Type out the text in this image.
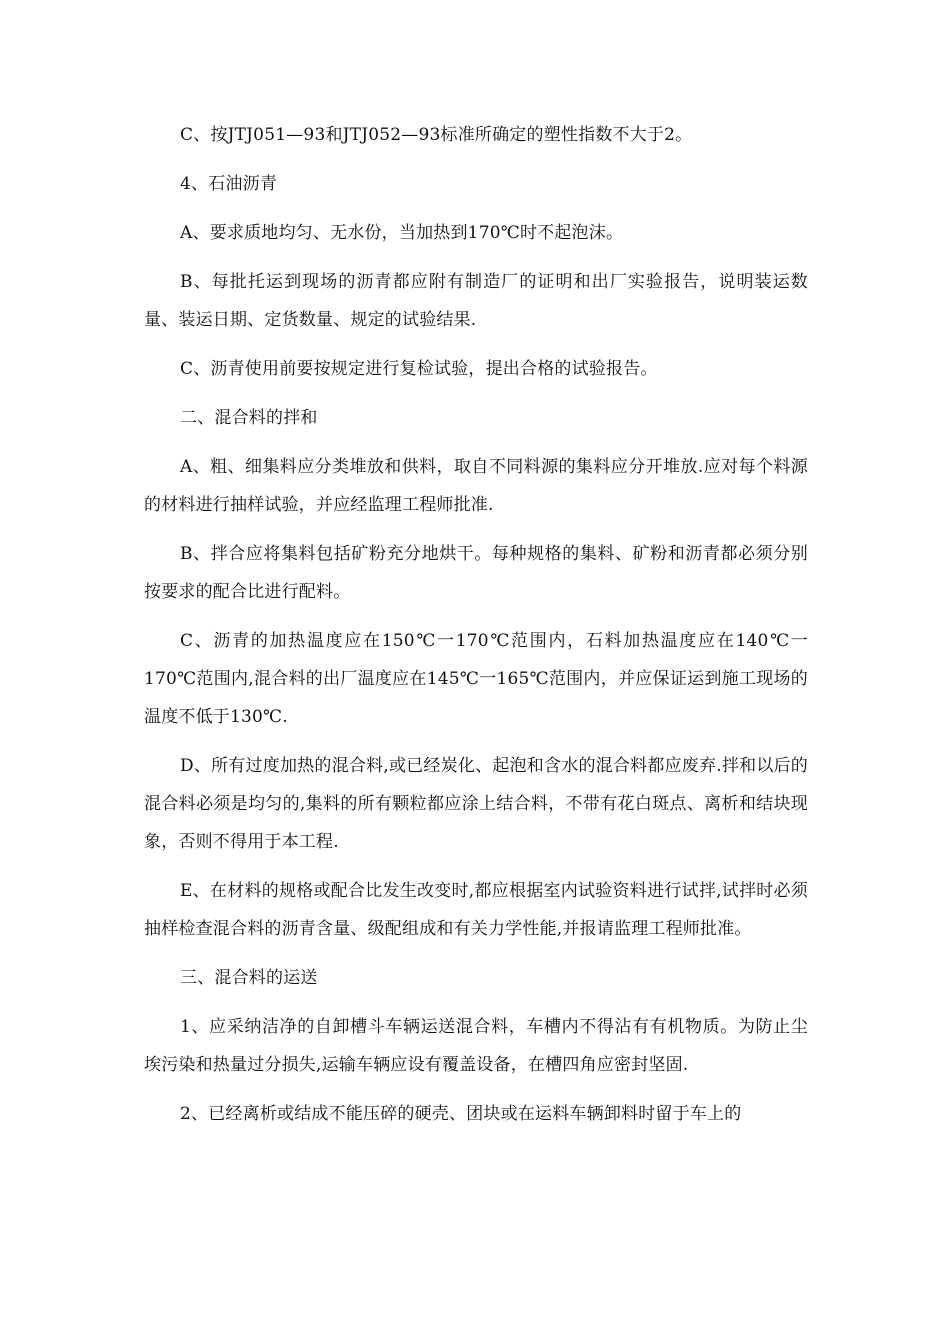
C、按JTJ051—93和JTJ052—93标准所确定的塑性指数不大于2。

4、石油沥青

A、要求质地均匀、无水份，当加热到170℃时不起泡沫。

B、每批托运到现场的沥青都应附有制造厂的证明和出厂实验报告，说明装运数量、装运日期、定货数量、规定的试验结果.

C、沥青使用前要按规定进行复检试验，提出合格的试验报告。

二、混合料的拌和

A、粗、细集料应分类堆放和供料，取自不同料源的集料应分开堆放.应对每个料源的材料进行抽样试验，并应经监理工程师批准.

B、拌合应将集料包括矿粉充分地烘干。每种规格的集料、矿粉和沥青都必须分别按要求的配合比进行配料。

C、沥青的加热温度应在150℃一170℃范围内，石料加热温度应在140℃一170℃范围内,混合料的出厂温度应在145℃一165℃范围内，并应保证运到施工现场的温度不低于130℃.

D、所有过度加热的混合料,或已经炭化、起泡和含水的混合料都应废弃.拌和以后的混合料必须是均匀的,集料的所有颗粒都应涂上结合料，不带有花白斑点、离析和结块现象，否则不得用于本工程.

E、在材料的规格或配合比发生改变时,都应根据室内试验资料进行试拌,试拌时必须抽样检查混合料的沥青含量、级配组成和有关力学性能,并报请监理工程师批准。

三、混合料的运送

1、应采纳洁净的自卸槽斗车辆运送混合料，车槽内不得沾有有机物质。为防止尘埃污染和热量过分损失,运输车辆应设有覆盖设备，在槽四角应密封坚固.

2、已经离析或结成不能压碎的硬壳、团块或在运料车辆卸料时留于车上的
